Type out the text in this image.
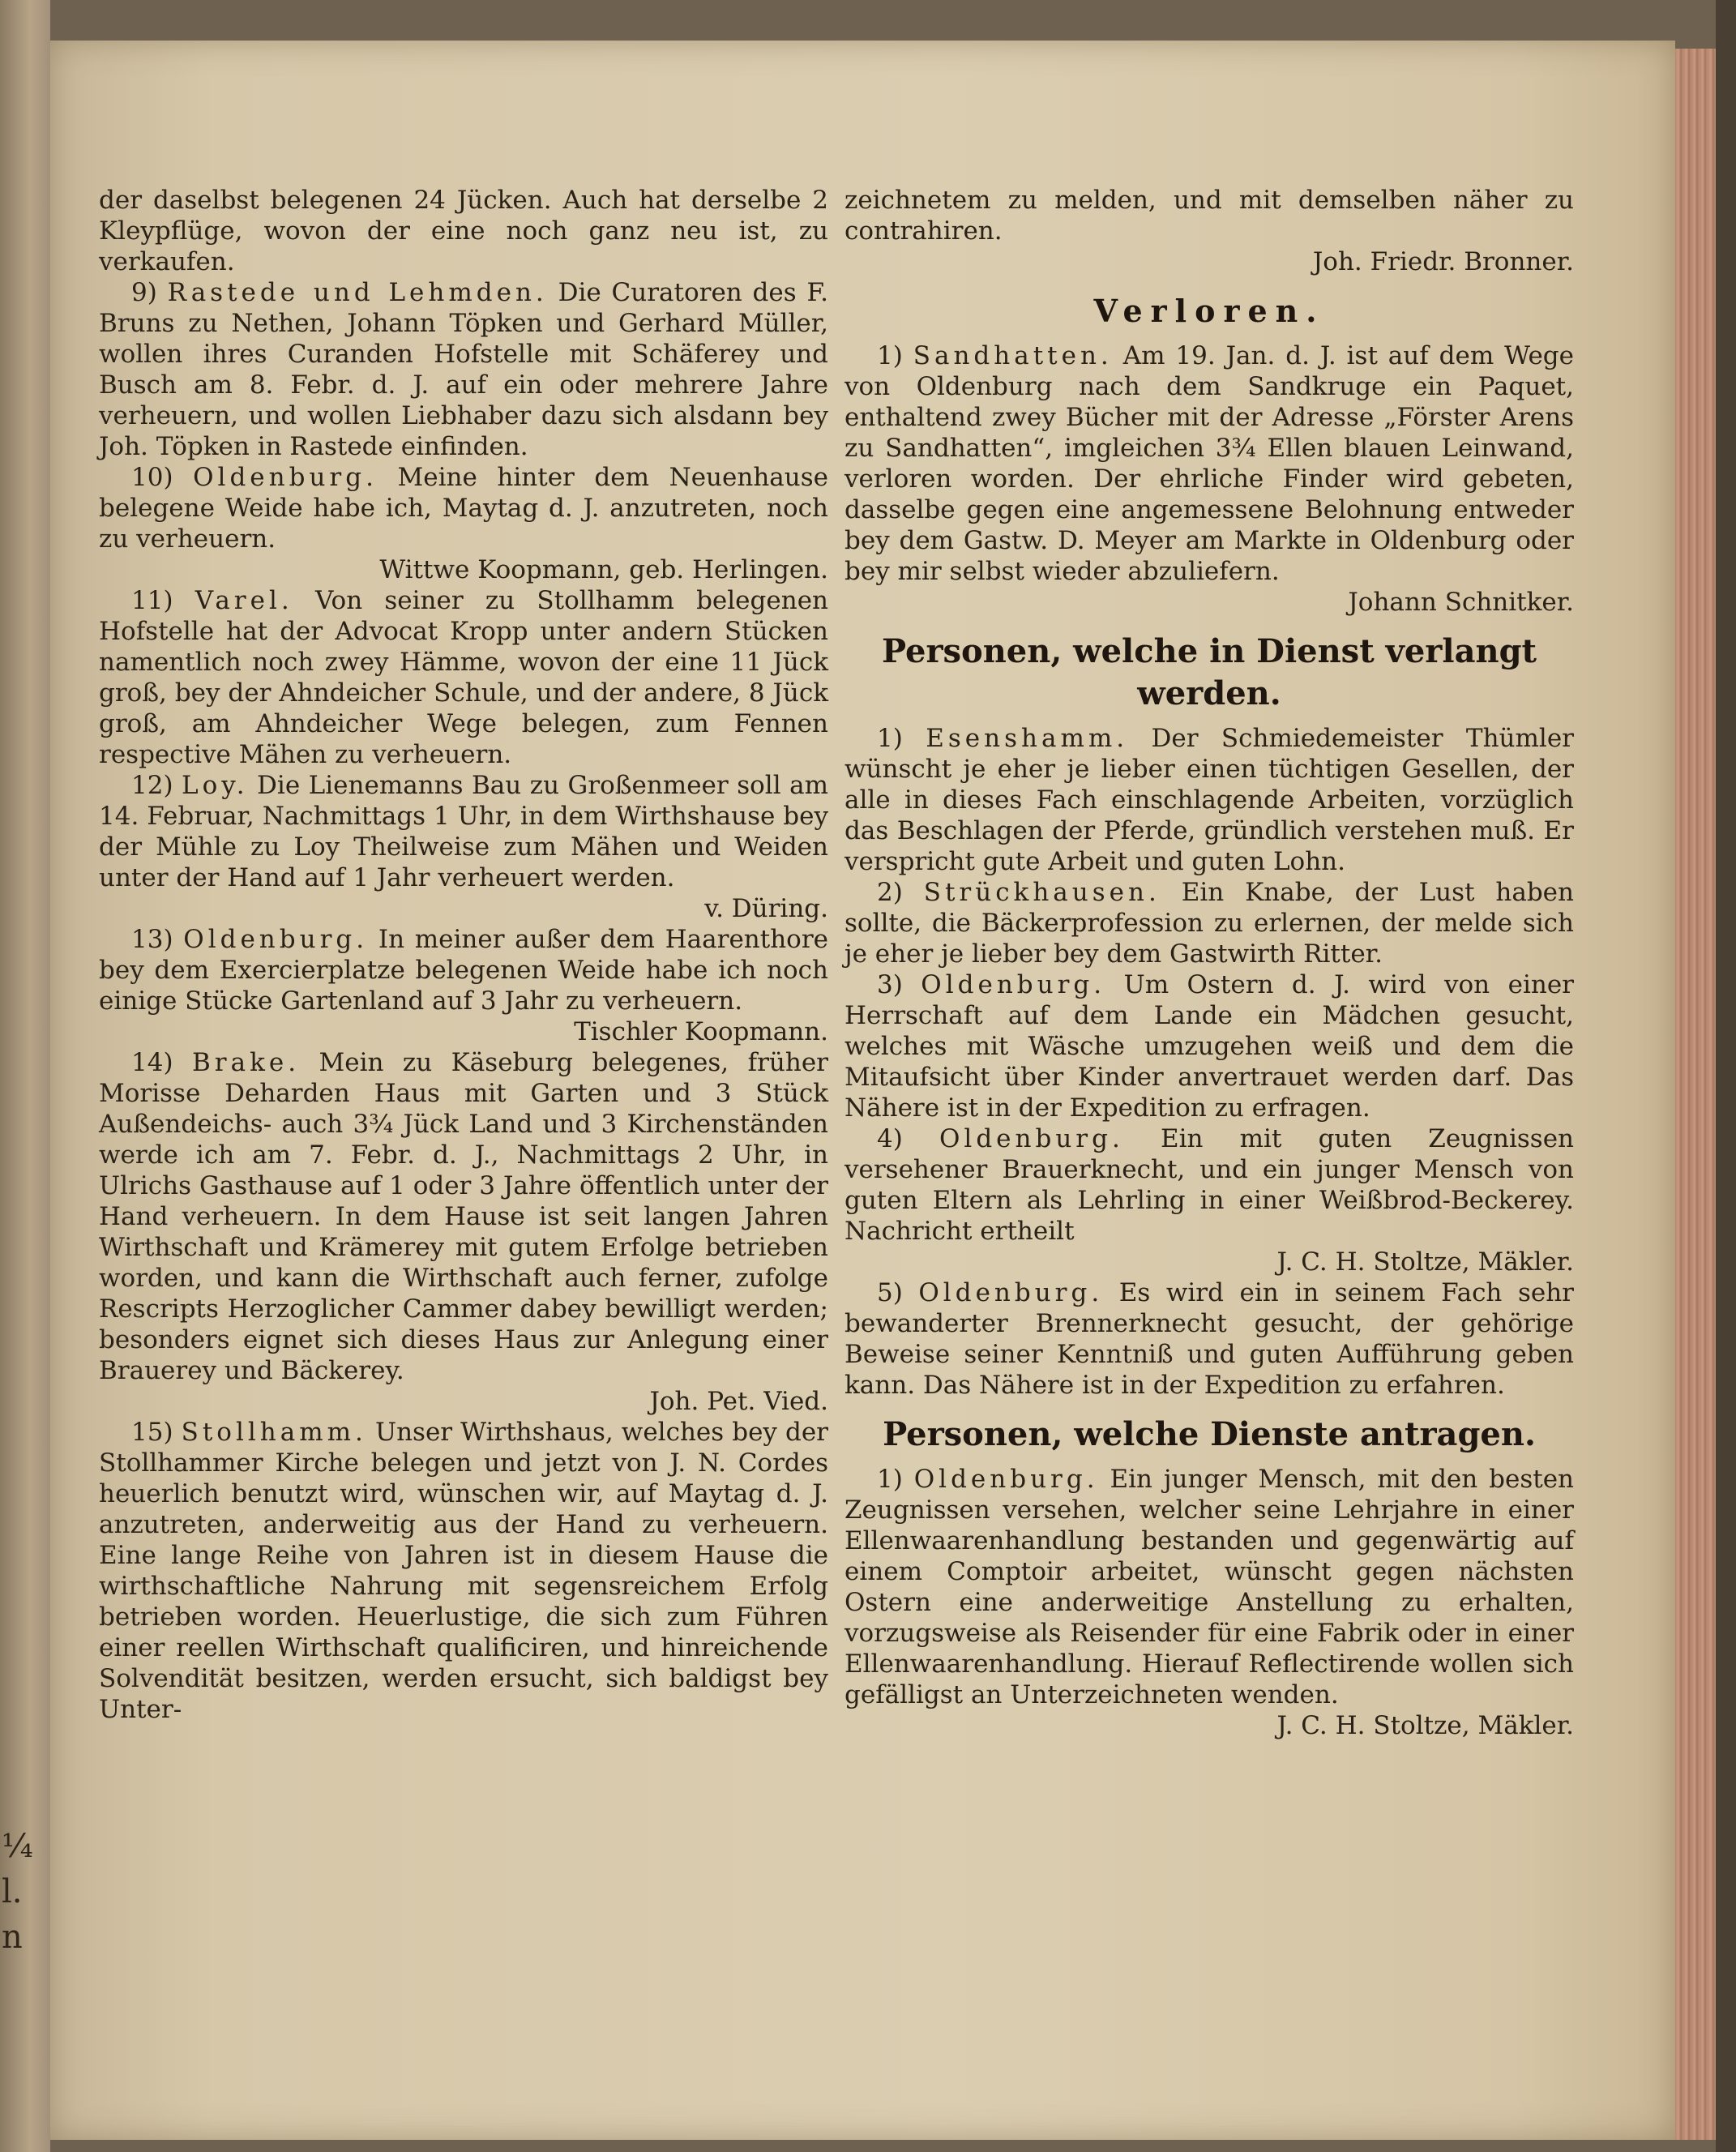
¼
l.
n

der daselbst belegenen 24 Jücken. Auch hat derselbe 2 Kleypflüge, wovon der eine noch ganz neu ist, zu verkaufen.

9) Rastede und Lehmden. Die Curatoren des F. Bruns zu Nethen, Johann Töpken und Gerhard Müller, wollen ihres Curanden Hofstelle mit Schäferey und Busch am 8. Febr. d. J. auf ein oder mehrere Jahre verheuern, und wollen Liebhaber dazu sich alsdann bey Joh. Töpken in Rastede einfinden.

10) Oldenburg. Meine hinter dem Neuenhause belegene Weide habe ich, Maytag d. J. anzutreten, noch zu verheuern.

Wittwe Koopmann, geb. Herlingen.

11) Varel. Von seiner zu Stollhamm belegenen Hofstelle hat der Advocat Kropp unter andern Stücken namentlich noch zwey Hämme, wovon der eine 11 Jück groß, bey der Ahndeicher Schule, und der andere, 8 Jück groß, am Ahndeicher Wege belegen, zum Fennen respective Mähen zu verheuern.

12) Loy. Die Lienemanns Bau zu Großenmeer soll am 14. Februar, Nachmittags 1 Uhr, in dem Wirthshause bey der Mühle zu Loy Theilweise zum Mähen und Weiden unter der Hand auf 1 Jahr verheuert werden.

v. Düring.

13) Oldenburg. In meiner außer dem Haarenthore bey dem Exercierplatze belegenen Weide habe ich noch einige Stücke Gartenland auf 3 Jahr zu verheuern.

Tischler Koopmann.

14) Brake. Mein zu Käseburg belegenes, früher Morisse Deharden Haus mit Garten und 3 Stück Außendeichs- auch 3¾ Jück Land und 3 Kirchenständen werde ich am 7. Febr. d. J., Nachmittags 2 Uhr, in Ulrichs Gasthause auf 1 oder 3 Jahre öffentlich unter der Hand verheuern. In dem Hause ist seit langen Jahren Wirthschaft und Krämerey mit gutem Erfolge betrieben worden, und kann die Wirthschaft auch ferner, zufolge Rescripts Herzoglicher Cammer dabey bewilligt werden; besonders eignet sich dieses Haus zur Anlegung einer Brauerey und Bäckerey.

Joh. Pet. Vied.

15) Stollhamm. Unser Wirthshaus, welches bey der Stollhammer Kirche belegen und jetzt von J. N. Cordes heuerlich benutzt wird, wünschen wir, auf Maytag d. J. anzutreten, anderweitig aus der Hand zu verheuern. Eine lange Reihe von Jahren ist in diesem Hause die wirthschaftliche Nahrung mit segensreichem Erfolg betrieben worden. Heuerlustige, die sich zum Führen einer reellen Wirthschaft qualificiren, und hinreichende Solvendität besitzen, werden ersucht, sich baldigst bey Unter-

zeichnetem zu melden, und mit demselben näher zu contrahiren.

Joh. Friedr. Bronner.

Verloren.

1) Sandhatten. Am 19. Jan. d. J. ist auf dem Wege von Oldenburg nach dem Sandkruge ein Paquet, enthaltend zwey Bücher mit der Adresse „Förster Arens zu Sandhatten“, imgleichen 3¾ Ellen blauen Leinwand, verloren worden. Der ehrliche Finder wird gebeten, dasselbe gegen eine angemessene Belohnung entweder bey dem Gastw. D. Meyer am Markte in Oldenburg oder bey mir selbst wieder abzuliefern.

Johann Schnitker.

Personen, welche in Dienst verlangt werden.

1) Esenshamm. Der Schmiedemeister Thümler wünscht je eher je lieber einen tüchtigen Gesellen, der alle in dieses Fach einschlagende Arbeiten, vorzüglich das Beschlagen der Pferde, gründlich verstehen muß. Er verspricht gute Arbeit und guten Lohn.

2) Strückhausen. Ein Knabe, der Lust haben sollte, die Bäckerprofession zu erlernen, der melde sich je eher je lieber bey dem Gastwirth Ritter.

3) Oldenburg. Um Ostern d. J. wird von einer Herrschaft auf dem Lande ein Mädchen gesucht, welches mit Wäsche umzugehen weiß und dem die Mitaufsicht über Kinder anvertrauet werden darf. Das Nähere ist in der Expedition zu erfragen.

4) Oldenburg. Ein mit guten Zeugnissen versehener Brauerknecht, und ein junger Mensch von guten Eltern als Lehrling in einer Weißbrod-Beckerey. Nachricht ertheilt

J. C. H. Stoltze, Mäkler.

5) Oldenburg. Es wird ein in seinem Fach sehr bewanderter Brennerknecht gesucht, der gehörige Beweise seiner Kenntniß und guten Aufführung geben kann. Das Nähere ist in der Expedition zu erfahren.

Personen, welche Dienste antragen.

1) Oldenburg. Ein junger Mensch, mit den besten Zeugnissen versehen, welcher seine Lehrjahre in einer Ellenwaarenhandlung bestanden und gegenwärtig auf einem Comptoir arbeitet, wünscht gegen nächsten Ostern eine anderweitige Anstellung zu erhalten, vorzugsweise als Reisender für eine Fabrik oder in einer Ellenwaarenhandlung. Hierauf Reflectirende wollen sich gefälligst an Unterzeichneten wenden.

J. C. H. Stoltze, Mäkler.
